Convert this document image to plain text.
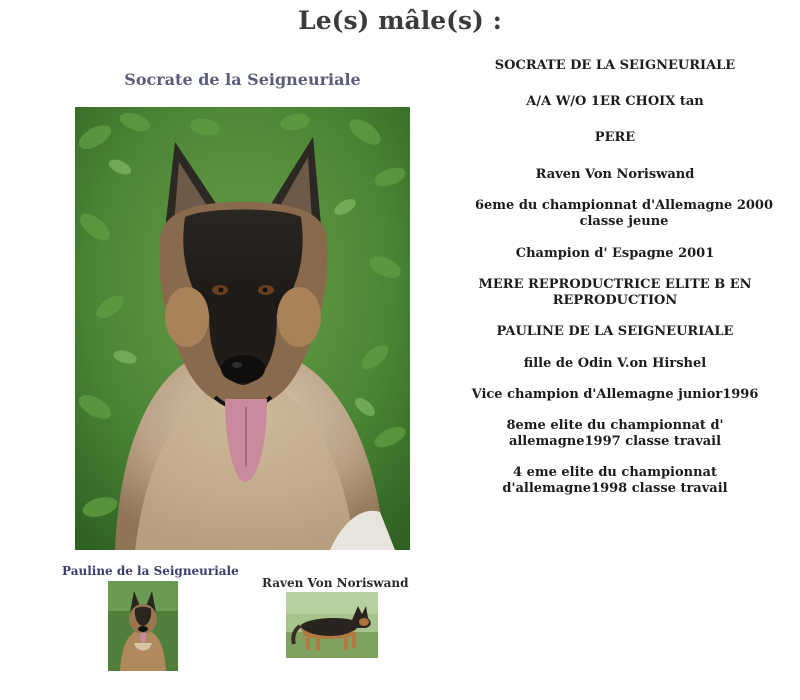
Le(s) mâle(s) :
Socrate de la Seigneuriale

SOCRATE DE LA SEIGNEURIALE

A/A W/O 1ER CHOIX tan

PERE

Raven Von Noriswand

6eme du championnat d'Allemagne 2000 classe jeune

Champion d' Espagne 2001

MERE REPRODUCTRICE ELITE B EN REPRODUCTION

PAULINE DE LA SEIGNEURIALE

fille de Odin V.on Hirshel

Vice champion d'Allemagne junior1996

8eme elite du championnat d' allemagne1997 classe travail

4 eme elite du championnat d'allemagne1998 classe travail

Pauline de la Seigneuriale
Raven Von Noriswand
